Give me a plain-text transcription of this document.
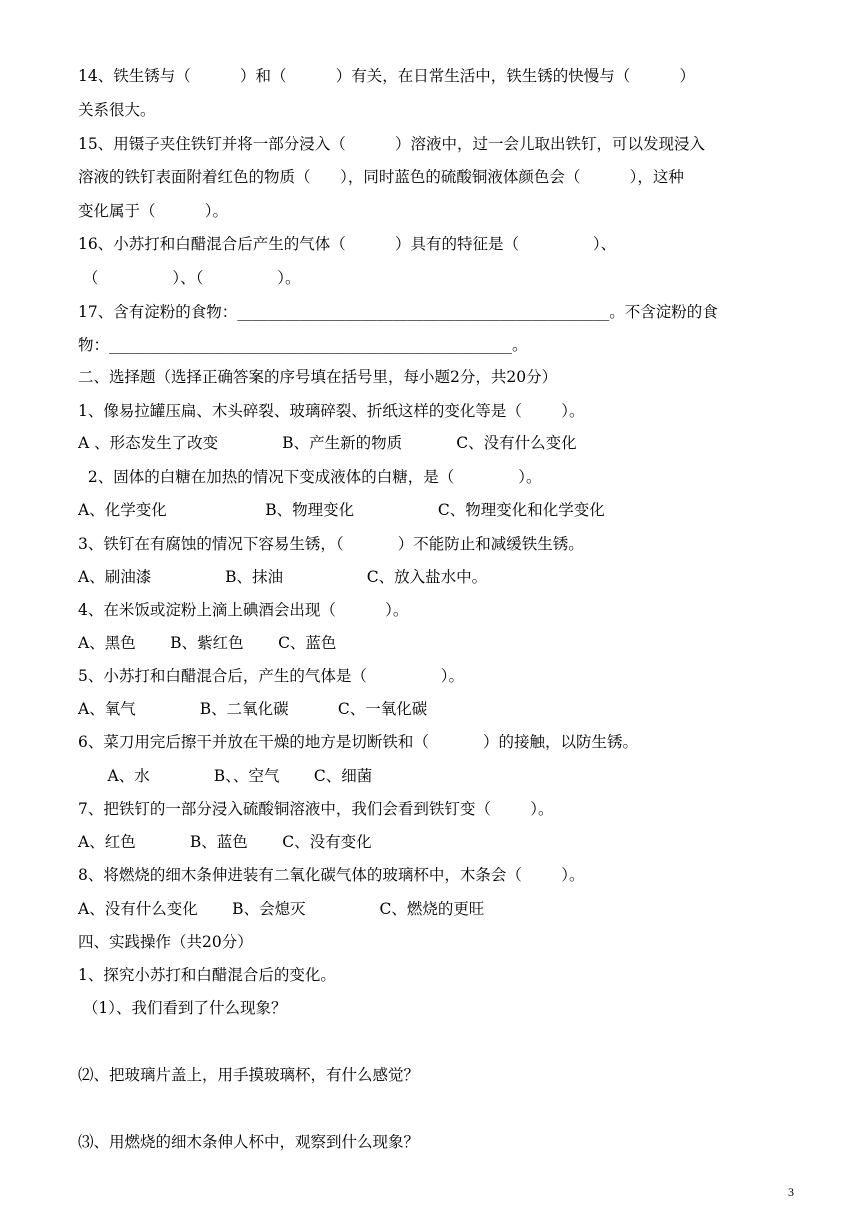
14、铁生锈与（          ）和（          ）有关，在日常生活中，铁生锈的快慢与（          ）
关系很大。
15、用镊子夹住铁钉并将一部分浸入（          ）溶液中，过一会儿取出铁钉，可以发现浸入
溶液的铁钉表面附着红色的物质（      ），同时蓝色的硫酸铜液体颜色会（          ），这种
变化属于（          ）。
16、小苏打和白醋混合后产生的气体（          ）具有的特征是（               ）、
（               ）、（               ）。
17、含有淀粉的食物：________________________________________________。不含淀粉的食
物：____________________________________________________。
二、选择题（选择正确答案的序号填在括号里，每小题2分，共20分）
1、像易拉罐压扁、木头碎裂、玻璃碎裂、折纸这样的变化等是（        ）。
A 、形态发生了改变             B、产生新的物质           C、没有什么变化
2、固体的白糖在加热的情况下变成液体的白糖，是（             ）。
A、化学变化                    B、物理变化                 C、物理变化和化学变化
3、铁钉在有腐蚀的情况下容易生锈，（           ）不能防止和减缓铁生锈。
A、刷油漆               B、抹油                 C、放入盐水中。
4、在米饭或淀粉上滴上碘酒会出现（          ）。
A、黑色       B、紫红色       C、蓝色
5、小苏打和白醋混合后，产生的气体是（               ）。
A、氧气             B、二氧化碳          C、一氧化碳
6、菜刀用完后擦干并放在干燥的地方是切断铁和（           ）的接触，以防生锈。
A、水             B、、空气       C、细菌
7、把铁钉的一部分浸入硫酸铜溶液中，我们会看到铁钉变（        ）。
A、红色           B、蓝色       C、没有变化
8、将燃烧的细木条伸进装有二氧化碳气体的玻璃杯中，木条会（        ）。
A、没有什么变化       B、会熄灭               C、燃烧的更旺
四、实践操作（共20分）
1、探究小苏打和白醋混合后的变化。
（1）、我们看到了什么现象？
⑵、把玻璃片盖上，用手摸玻璃杯，有什么感觉？
⑶、用燃烧的细木条伸人杯中，观察到什么现象？
3
